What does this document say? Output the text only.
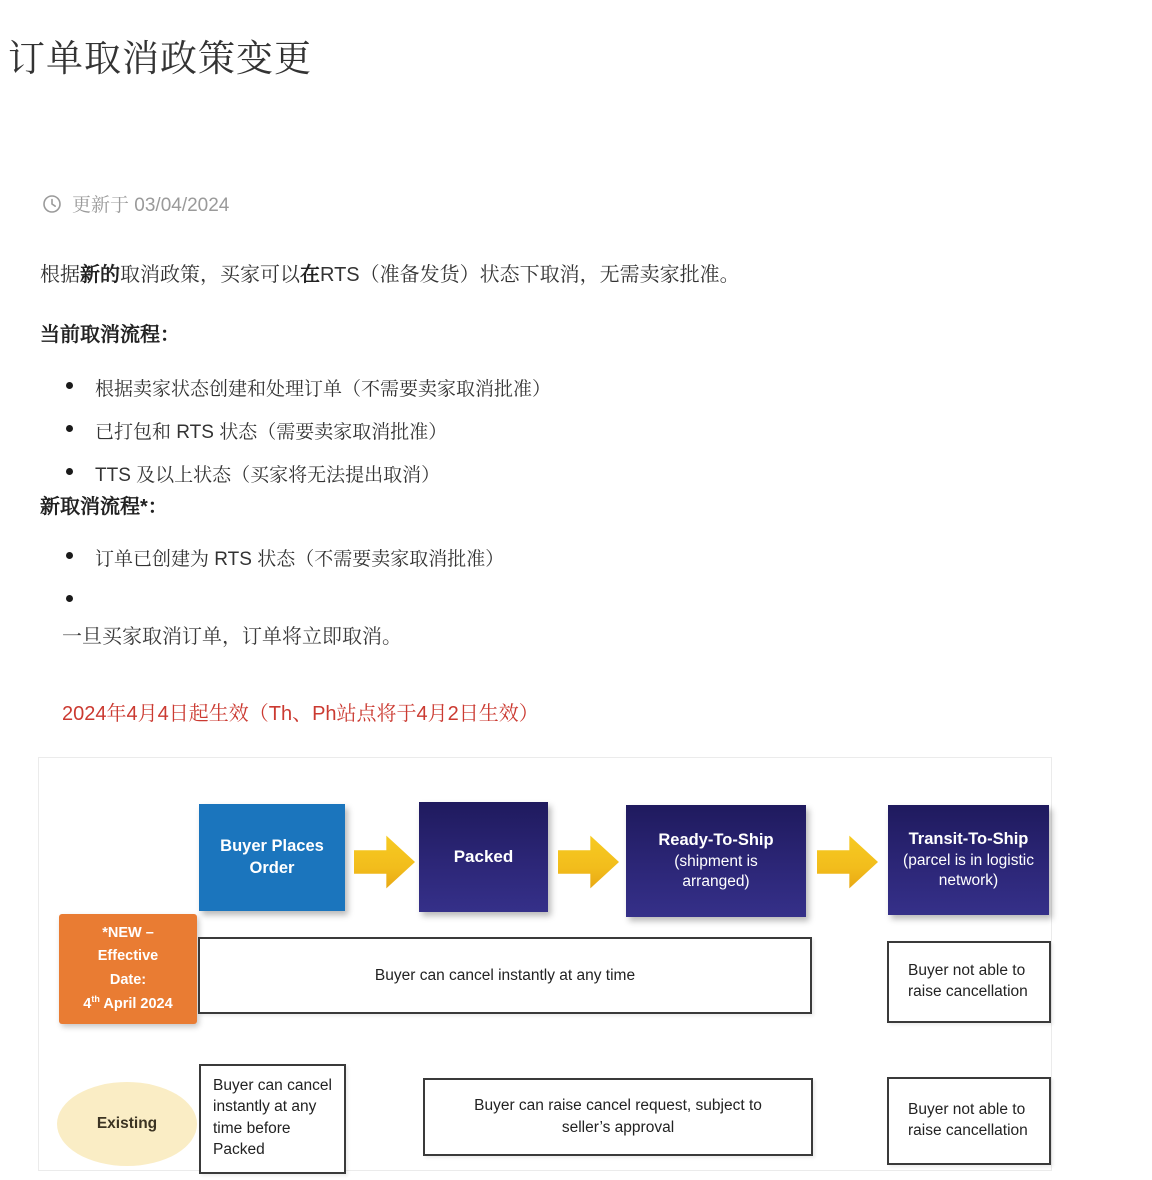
订单取消政策变更
更新于 03/04/2024

根据新的取消政策，买家可以在RTS（准备发货）状态下取消，无需卖家批准。

当前取消流程：
根据卖家状态创建和处理订单（不需要卖家取消批准）
已打包和 RTS 状态（需要卖家取消批准）
TTS 及以上状态（买家将无法提出取消）
新取消流程*：
订单已创建为 RTS 状态（不需要卖家取消批准）

一旦买家取消订单，订单将立即取消。

2024年4月4日起生效（Th、Ph站点将于4月2日生效）

Buyer Places Order
Packed
Ready-To-Ship
(shipment is arranged)
Transit-To-Ship
(parcel is in logistic network)
*NEW –
Effective
Date:
4th April 2024
Buyer can cancel instantly at any time	Buyer not able to raise cancellation
Existing
Buyer can cancel instantly at any time before Packed
Buyer can raise cancel request, subject to seller’s approval
Buyer not able to raise cancellation
